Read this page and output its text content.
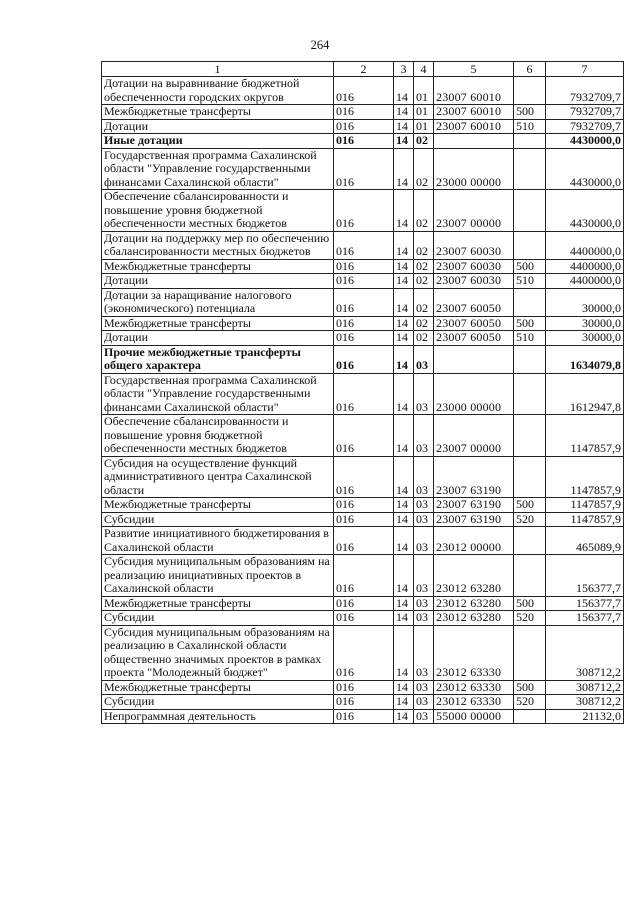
264
1	2	3	4	5	6	7
Дотации на выравнивание бюджетной обеспеченности городских округов	016	14	01	23007 60010		7932709,7
Межбюджетные трансферты	016	14	01	23007 60010	500	7932709,7
Дотации	016	14	01	23007 60010	510	7932709,7
Иные дотации	016	14	02			4430000,0
Государственная программа Сахалинской области "Управление государственными финансами Сахалинской области"	016	14	02	23000 00000		4430000,0
Обеспечение сбалансированности и повышение уровня бюджетной обеспеченности местных бюджетов	016	14	02	23007 00000		4430000,0
Дотации на поддержку мер по обеспечению сбалансированности местных бюджетов	016	14	02	23007 60030		4400000,0
Межбюджетные трансферты	016	14	02	23007 60030	500	4400000,0
Дотации	016	14	02	23007 60030	510	4400000,0
Дотации за наращивание налогового (экономического) потенциала	016	14	02	23007 60050		30000,0
Межбюджетные трансферты	016	14	02	23007 60050	500	30000,0
Дотации	016	14	02	23007 60050	510	30000,0
Прочие межбюджетные трансферты общего характера	016	14	03			1634079,8
Государственная программа Сахалинской области "Управление государственными финансами Сахалинской области"	016	14	03	23000 00000		1612947,8
Обеспечение сбалансированности и повышение уровня бюджетной обеспеченности местных бюджетов	016	14	03	23007 00000		1147857,9
Субсидия на осуществление функций административного центра Сахалинской области	016	14	03	23007 63190		1147857,9
Межбюджетные трансферты	016	14	03	23007 63190	500	1147857,9
Субсидии	016	14	03	23007 63190	520	1147857,9
Развитие инициативного бюджетирования в Сахалинской области	016	14	03	23012 00000		465089,9
Субсидия муниципальным образованиям на реализацию инициативных проектов в Сахалинской области	016	14	03	23012 63280		156377,7
Межбюджетные трансферты	016	14	03	23012 63280	500	156377,7
Субсидии	016	14	03	23012 63280	520	156377,7
Субсидия муниципальным образованиям на реализацию в Сахалинской области общественно значимых проектов в рамках проекта "Молодежный бюджет"	016	14	03	23012 63330		308712,2
Межбюджетные трансферты	016	14	03	23012 63330	500	308712,2
Субсидии	016	14	03	23012 63330	520	308712,2
Непрограммная деятельность	016	14	03	55000 00000		21132,0
